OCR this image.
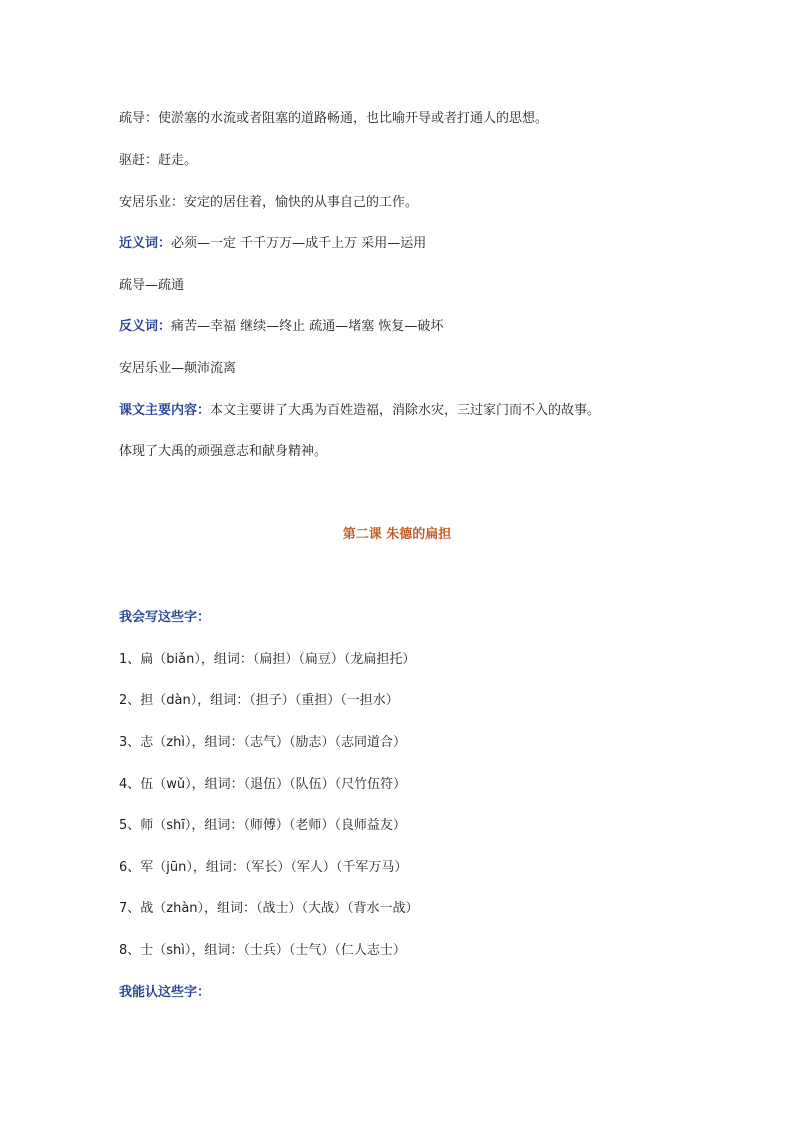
疏导：使淤塞的水流或者阻塞的道路畅通，也比喻开导或者打通人的思想。

驱赶：赶走。

安居乐业：安定的居住着，愉快的从事自己的工作。

近义词：必须—一定 千千万万—成千上万 采用—运用

疏导—疏通

反义词：痛苦—幸福 继续—终止 疏通—堵塞 恢复—破坏

安居乐业—颠沛流离

课文主要内容：本文主要讲了大禹为百姓造福，消除水灾，三过家门而不入的故事。

体现了大禹的顽强意志和献身精神。

第二课 朱德的扁担

我会写这些字：

1、扁（biǎn），组词：（扁担）（扁豆）（龙扁担托）

2、担（dàn），组词：（担子）（重担）（一担水）

3、志（zhì），组词：（志气）（励志）（志同道合）

4、伍（wǔ），组词：（退伍）（队伍）（尺竹伍符）

5、师（shī），组词：（师傅）（老师）（良师益友）

6、军（jūn），组词：（军长）（军人）（千军万马）

7、战（zhàn），组词：（战士）（大战）（背水一战）

8、士（shì），组词：（士兵）（士气）（仁人志士）

我能认这些字：
